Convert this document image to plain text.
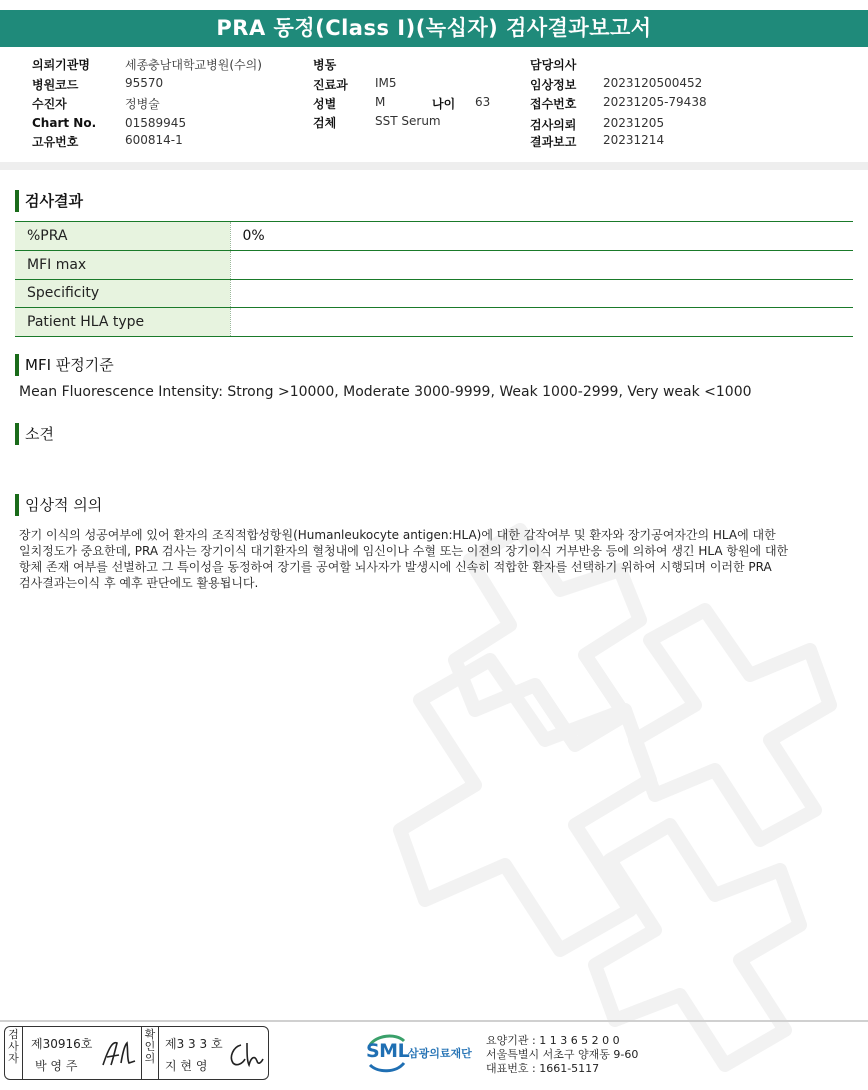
PRA 동정(Class I)(녹십자) 검사결과보고서
의뢰기관명	세종충남대학교병원(수의)
병원코드	95570
수진자	정병술
Chart No. 01589945
고유번호	600814-1
병동
진료과 IM5
성별	M	나이 63
검체	SST Serum
담당의사
임상정보 2023120500452
접수번호 20231205-79438
검사의뢰 20231205
결과보고 20231214
검사결과
%PRA	0%
MFI max	
Specificity	
Patient HLA type	
MFI 판정기준
Mean Fluorescence Intensity: Strong >10000, Moderate 3000-9999, Weak 1000-2999, Very weak <1000
소견
임상적 의의
장기 이식의 성공여부에 있어 환자의 조직적합성항원(Humanleukocyte antigen:HLA)에 대한 감작여부 및 환자와 장기공여자간의 HLA에 대한
일치정도가 중요한데, PRA 검사는 장기이식 대기환자의 혈청내에 임신이나 수혈 또는 이전의 장기이식 거부반응 등에 의하여 생긴 HLA 항원에 대한
항체 존재 여부를 선별하고 그 특이성을 동정하여 장기를 공여할 뇌사자가 발생시에 신속히 적합한 환자를 선택하기 위하여 시행되며 이러한 PRA
검사결과는이식 후 예후 판단에도 활용됩니다.
검사자
제30916호
박 영 주
확인의
제3 3 3 호
지 현 영
SML
삼광의료재단
요양기관 : 1 1 3 6 5 2 0 0
서울특별시 서초구 양재동 9-60
대표번호 : 1661-5117
